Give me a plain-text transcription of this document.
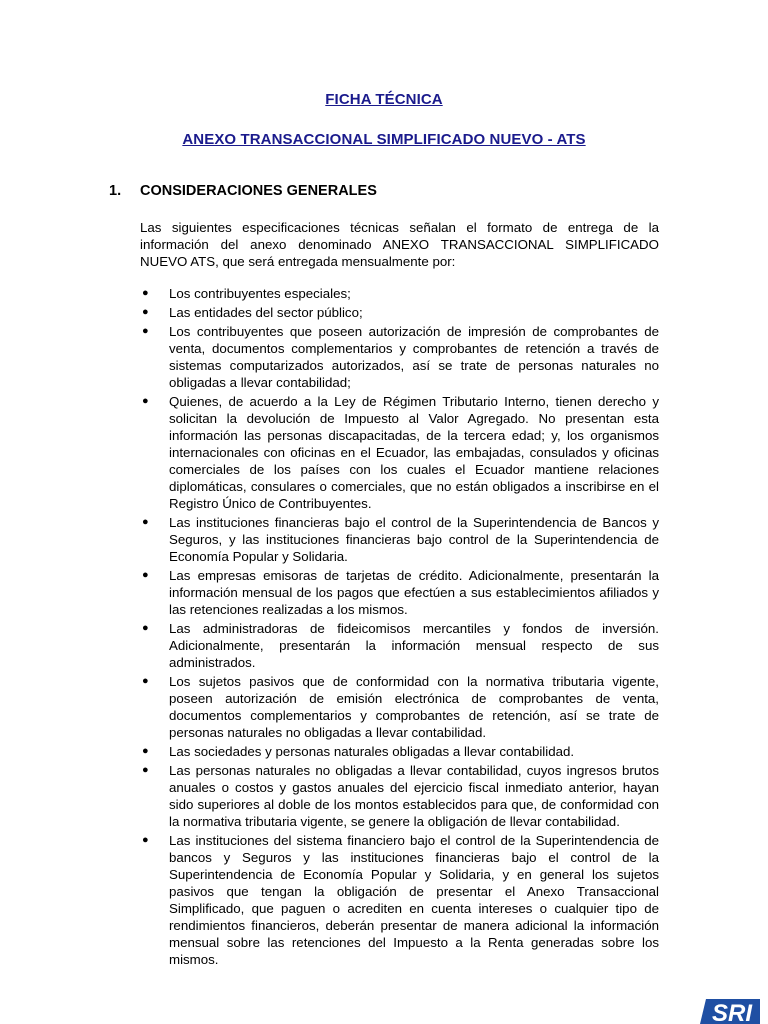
FICHA TÉCNICA
ANEXO TRANSACCIONAL SIMPLIFICADO NUEVO - ATS
1. CONSIDERACIONES GENERALES
Las siguientes especificaciones técnicas señalan el formato de entrega de la información del anexo denominado ANEXO TRANSACCIONAL SIMPLIFICADO NUEVO ATS, que será entregada mensualmente por:
● Los contribuyentes especiales;
● Las entidades del sector público;
● Los contribuyentes que poseen autorización de impresión de comprobantes de venta, documentos complementarios y comprobantes de retención a través de sistemas computarizados autorizados, así se trate de personas naturales no obligadas a llevar contabilidad;
● Quienes, de acuerdo a la Ley de Régimen Tributario Interno, tienen derecho y solicitan la devolución de Impuesto al Valor Agregado. No presentan esta información las personas discapacitadas, de la tercera edad; y, los organismos internacionales con oficinas en el Ecuador, las embajadas, consulados y oficinas comerciales de los países con los cuales el Ecuador mantiene relaciones diplomáticas, consulares o comerciales, que no están obligados a inscribirse en el Registro Único de Contribuyentes.
● Las instituciones financieras bajo el control de la Superintendencia de Bancos y Seguros, y las instituciones financieras bajo control de la Superintendencia de Economía Popular y Solidaria.
● Las empresas emisoras de tarjetas de crédito. Adicionalmente, presentarán la información mensual de los pagos que efectúen a sus establecimientos afiliados y las retenciones realizadas a los mismos.
● Las administradoras de fideicomisos mercantiles y fondos de inversión. Adicionalmente, presentarán la información mensual respecto de sus administrados.
● Los sujetos pasivos que de conformidad con la normativa tributaria vigente, poseen autorización de emisión electrónica de comprobantes de venta, documentos complementarios y comprobantes de retención, así se trate de personas naturales no obligadas a llevar contabilidad.
● Las sociedades y personas naturales obligadas a llevar contabilidad.
● Las personas naturales no obligadas a llevar contabilidad, cuyos ingresos brutos anuales o costos y gastos anuales del ejercicio fiscal inmediato anterior, hayan sido superiores al doble de los montos establecidos para que, de conformidad con la normativa tributaria vigente, se genere la obligación de llevar contabilidad.
● Las instituciones del sistema financiero bajo el control de la Superintendencia de bancos y Seguros y las instituciones financieras bajo el control de la Superintendencia de Economía Popular y Solidaria, y en general los sujetos pasivos que tengan la obligación de presentar el Anexo Transaccional Simplificado, que paguen o acrediten en cuenta intereses o cualquier tipo de rendimientos financieros, deberán presentar de manera adicional la información mensual sobre las retenciones del Impuesto a la Renta generadas sobre los mismos.
SRI
